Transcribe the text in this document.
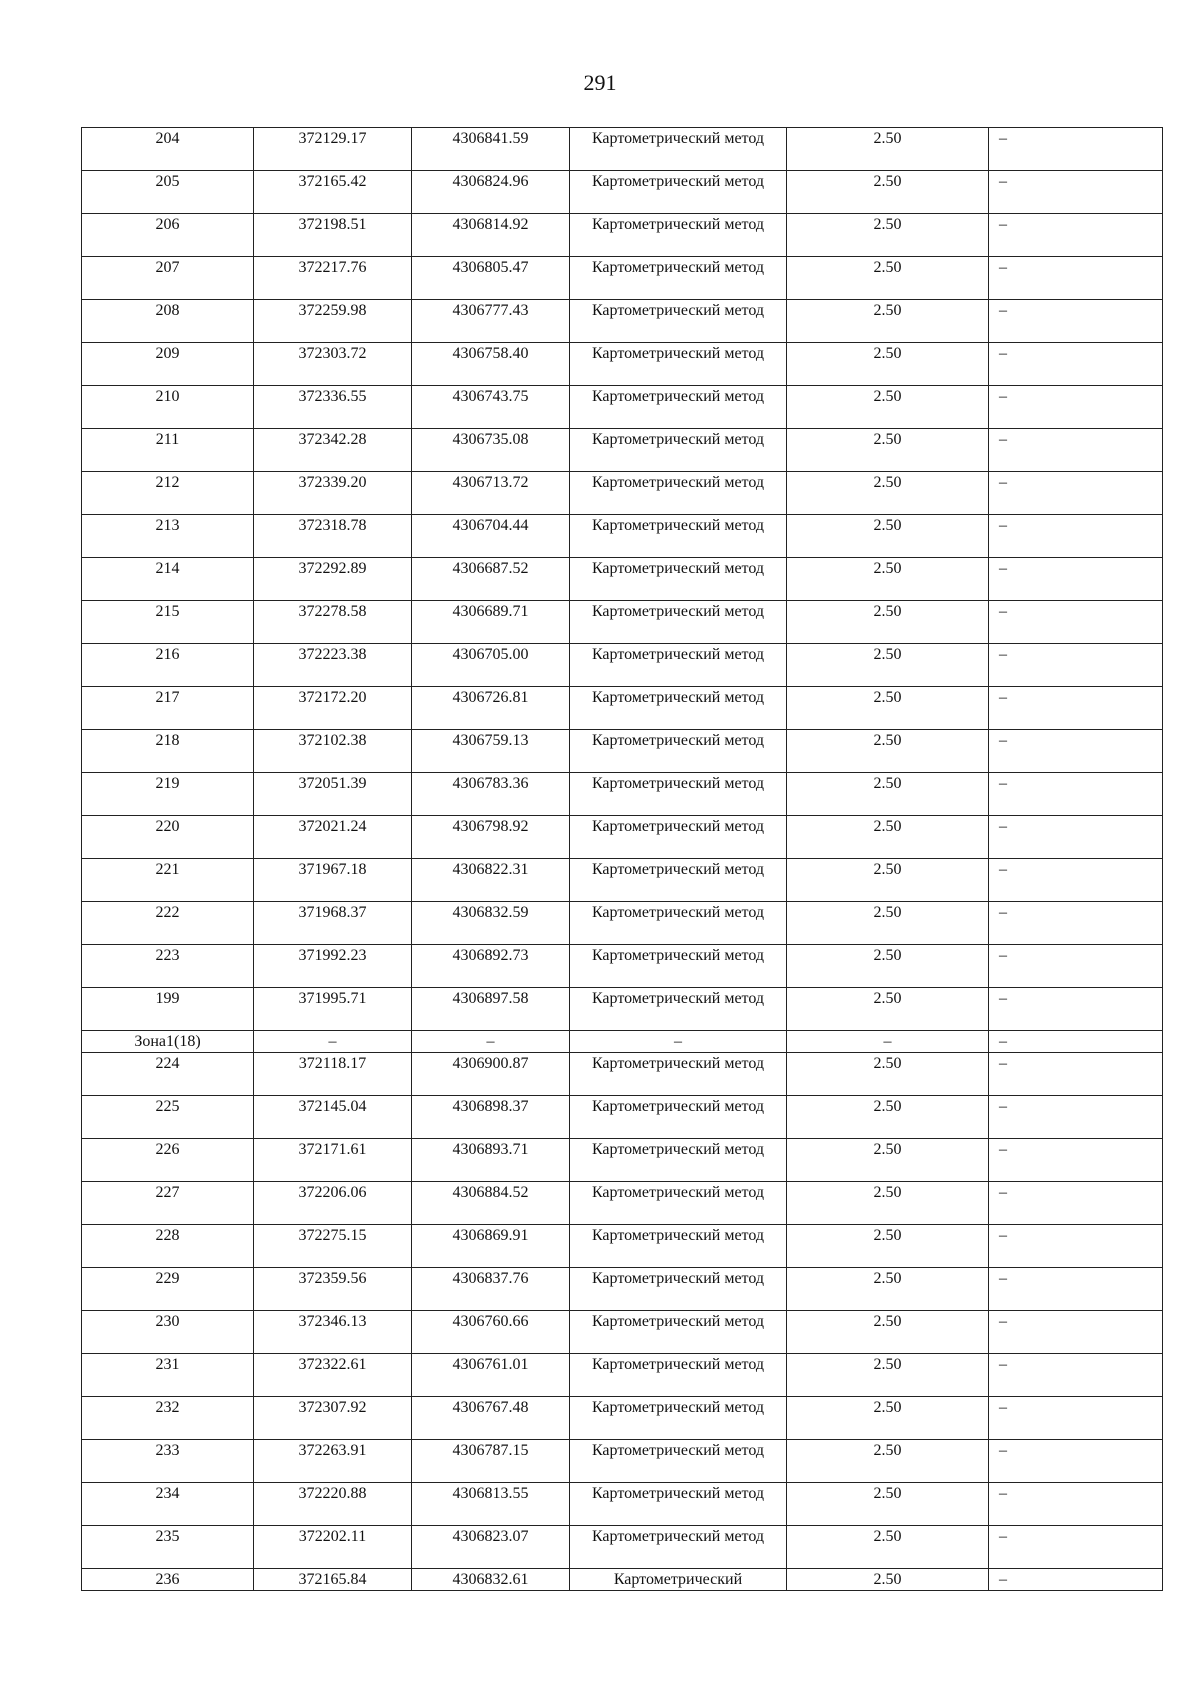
291
204	372129.17	4306841.59	Картометрический метод	2.50	–
205	372165.42	4306824.96	Картометрический метод	2.50	–
206	372198.51	4306814.92	Картометрический метод	2.50	–
207	372217.76	4306805.47	Картометрический метод	2.50	–
208	372259.98	4306777.43	Картометрический метод	2.50	–
209	372303.72	4306758.40	Картометрический метод	2.50	–
210	372336.55	4306743.75	Картометрический метод	2.50	–
211	372342.28	4306735.08	Картометрический метод	2.50	–
212	372339.20	4306713.72	Картометрический метод	2.50	–
213	372318.78	4306704.44	Картометрический метод	2.50	–
214	372292.89	4306687.52	Картометрический метод	2.50	–
215	372278.58	4306689.71	Картометрический метод	2.50	–
216	372223.38	4306705.00	Картометрический метод	2.50	–
217	372172.20	4306726.81	Картометрический метод	2.50	–
218	372102.38	4306759.13	Картометрический метод	2.50	–
219	372051.39	4306783.36	Картометрический метод	2.50	–
220	372021.24	4306798.92	Картометрический метод	2.50	–
221	371967.18	4306822.31	Картометрический метод	2.50	–
222	371968.37	4306832.59	Картометрический метод	2.50	–
223	371992.23	4306892.73	Картометрический метод	2.50	–
199	371995.71	4306897.58	Картометрический метод	2.50	–
Зона1(18)	–	–	–	–	–
224	372118.17	4306900.87	Картометрический метод	2.50	–
225	372145.04	4306898.37	Картометрический метод	2.50	–
226	372171.61	4306893.71	Картометрический метод	2.50	–
227	372206.06	4306884.52	Картометрический метод	2.50	–
228	372275.15	4306869.91	Картометрический метод	2.50	–
229	372359.56	4306837.76	Картометрический метод	2.50	–
230	372346.13	4306760.66	Картометрический метод	2.50	–
231	372322.61	4306761.01	Картометрический метод	2.50	–
232	372307.92	4306767.48	Картометрический метод	2.50	–
233	372263.91	4306787.15	Картометрический метод	2.50	–
234	372220.88	4306813.55	Картометрический метод	2.50	–
235	372202.11	4306823.07	Картометрический метод	2.50	–
236	372165.84	4306832.61	Картометрический	2.50	–
